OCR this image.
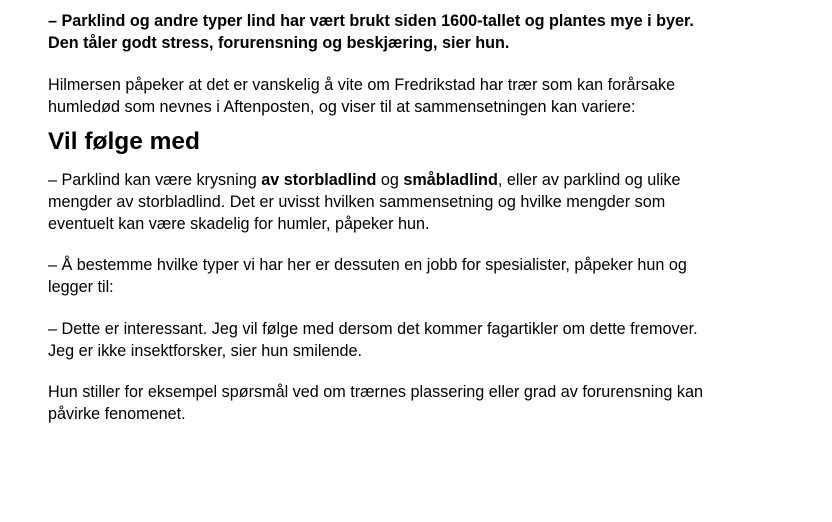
– Parklind og andre typer lind har vært brukt siden 1600-tallet og plantes mye i byer.
Den tåler godt stress, forurensning og beskjæring, sier hun.

Hilmersen påpeker at det er vanskelig å vite om Fredrikstad har trær som kan forårsake
humledød som nevnes i Aftenposten, og viser til at sammensetningen kan variere:

Vil følge med

– Parklind kan være krysning av storbladlind og småbladlind, eller av parklind og ulike
mengder av storbladlind. Det er uvisst hvilken sammensetning og hvilke mengder som
eventuelt kan være skadelig for humler, påpeker hun.

– Å bestemme hvilke typer vi har her er dessuten en jobb for spesialister, påpeker hun og
legger til:

– Dette er interessant. Jeg vil følge med dersom det kommer fagartikler om dette fremover.
Jeg er ikke insektforsker, sier hun smilende.

Hun stiller for eksempel spørsmål ved om trærnes plassering eller grad av forurensning kan
påvirke fenomenet.
